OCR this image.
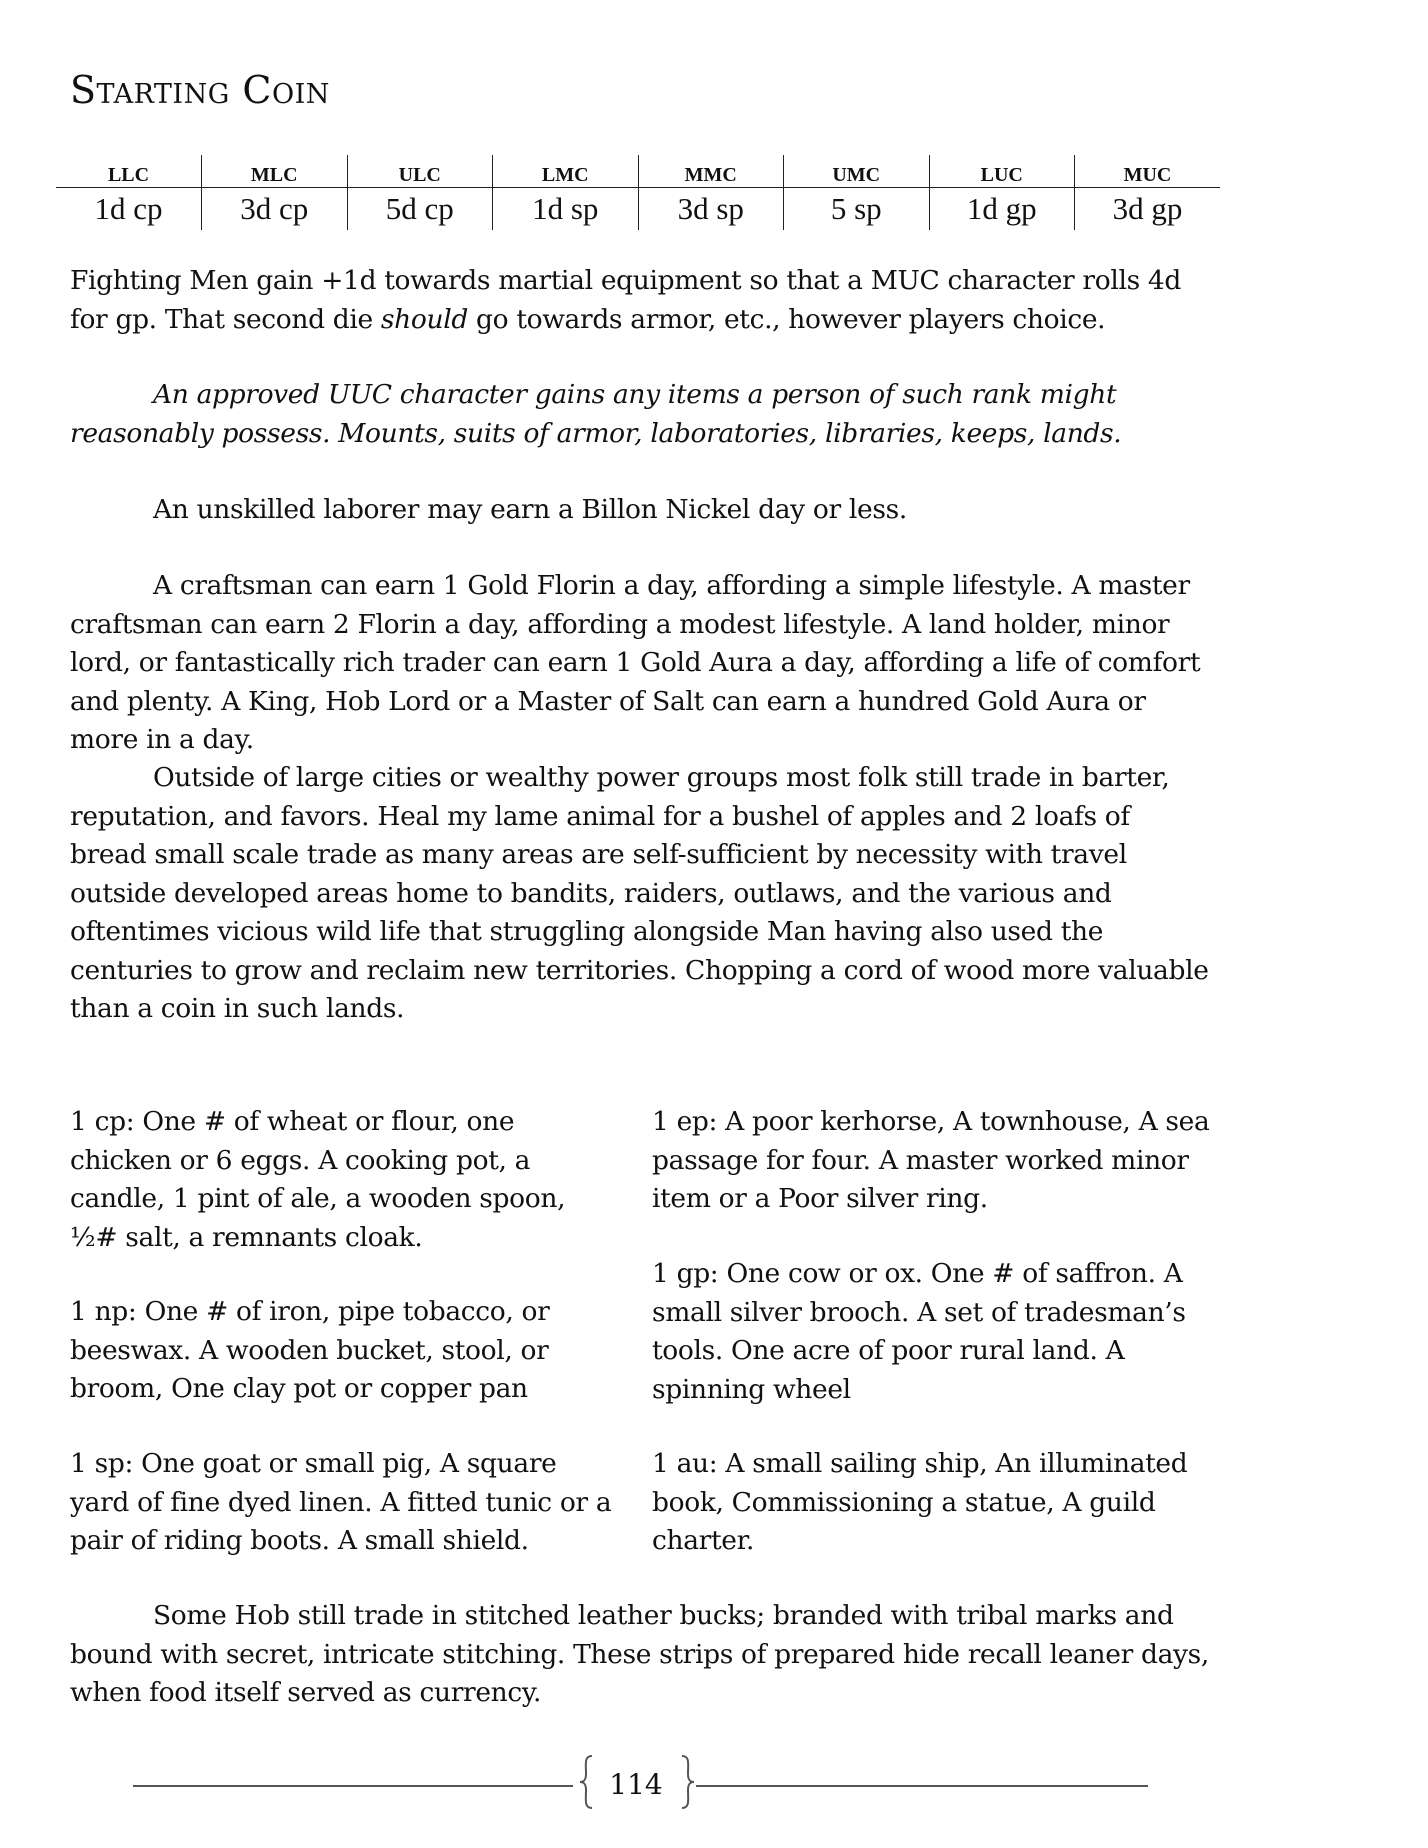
Starting Coin
LLC	MLC	ULC	LMC	MMC	UMC	LUC	MUC
1d cp	3d cp	5d cp	1d sp	3d sp	5 sp	1d gp	3d gp

Fighting Men gain +1d towards martial equipment so that a MUC character rolls 4d for gp. That second die should go towards armor, etc., however players choice.

An approved UUC character gains any items a person of such rank might reasonably possess. Mounts, suits of armor, laboratories, libraries, keeps, lands.

An unskilled laborer may earn a Billon Nickel day or less.

A craftsman can earn 1 Gold Florin a day, affording a simple lifestyle. A master craftsman can earn 2 Florin a day, affording a modest lifestyle. A land holder, minor lord, or fantastically rich trader can earn 1 Gold Aura a day, affording a life of comfort and plenty. A King, Hob Lord or a Master of Salt can earn a hundred Gold Aura or more in a day.

Outside of large cities or wealthy power groups most folk still trade in barter, reputation, and favors. Heal my lame animal for a bushel of apples and 2 loafs of bread small scale trade as many areas are self-sufficient by necessity with travel outside developed areas home to bandits, raiders, outlaws, and the various and oftentimes vicious wild life that struggling alongside Man having also used the centuries to grow and reclaim new territories. Chopping a cord of wood more valuable than a coin in such lands.

1 cp: One # of wheat or flour, one chicken or 6 eggs. A cooking pot, a candle, 1 pint of ale, a wooden spoon, ½# salt, a remnants cloak.

1 np: One # of iron, pipe tobacco, or beeswax. A wooden bucket, stool, or broom, One clay pot or copper pan

1 sp: One goat or small pig, A square yard of fine dyed linen. A fitted tunic or a pair of riding boots. A small shield.

1 ep: A poor kerhorse, A townhouse, A sea passage for four. A master worked minor item or a Poor silver ring.

1 gp: One cow or ox. One # of saffron. A small silver brooch. A set of tradesman’s tools. One acre of poor rural land. A spinning wheel

1 au: A small sailing ship, An illuminated book, Commissioning a statue, A guild charter.

Some Hob still trade in stitched leather bucks; branded with tribal marks and bound with secret, intricate stitching. These strips of prepared hide recall leaner days, when food itself served as currency.

114
